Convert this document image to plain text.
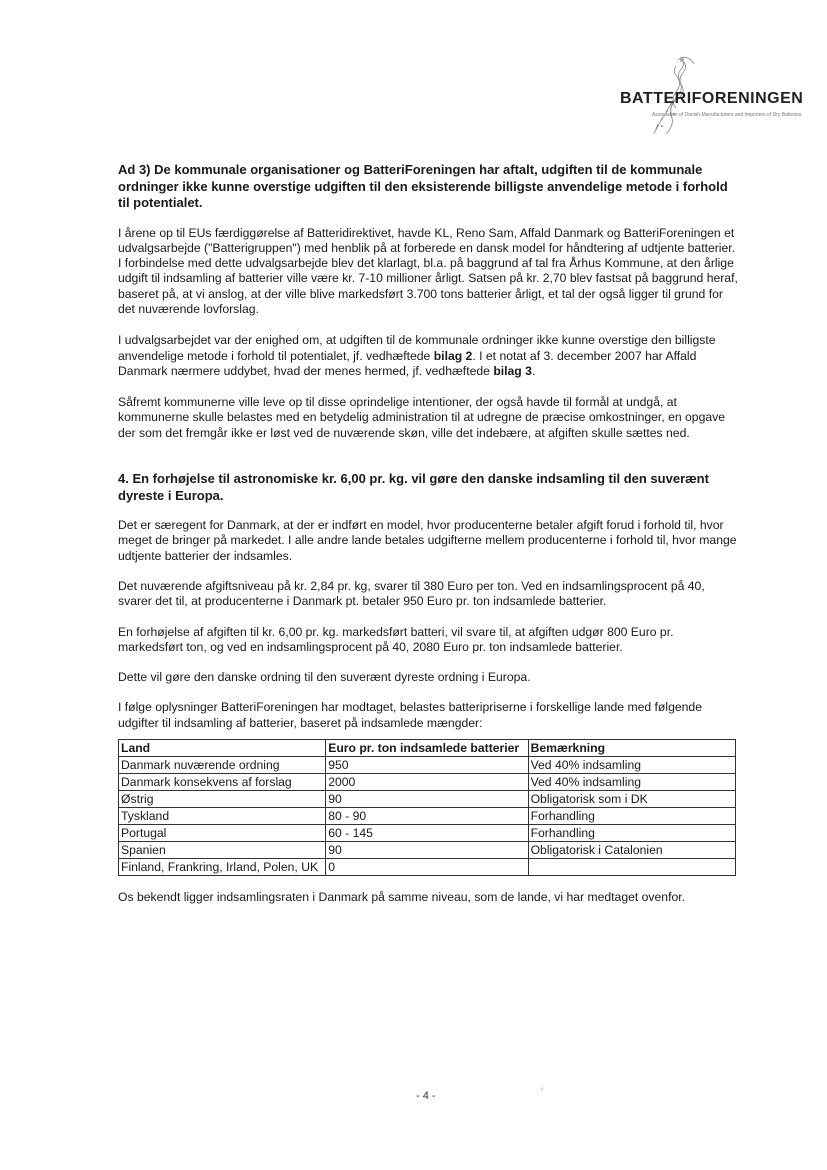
BATTERIFORENINGEN
Association of Danish Manufacturers and Importers of Dry Batteries

Ad 3) De kommunale organisationer og BatteriForeningen har aftalt, udgiften til de kommunale ordninger ikke kunne overstige udgiften til den eksisterende billigste anvendelige metode i forhold til potentialet.

I årene op til EUs færdiggørelse af Batteridirektivet, havde KL, Reno Sam, Affald Danmark og BatteriForeningen et udvalgsarbejde ("Batterigruppen") med henblik på at forberede en dansk model for håndtering af udtjente batterier. I forbindelse med dette udvalgsarbejde blev det klarlagt, bl.a. på baggrund af tal fra Århus Kommune, at den årlige udgift til indsamling af batterier ville være kr. 7-10 millioner årligt. Satsen på kr. 2,70 blev fastsat på baggrund heraf, baseret på, at vi anslog, at der ville blive markedsført 3.700 tons batterier årligt, et tal der også ligger til grund for det nuværende lovforslag.

I udvalgsarbejdet var der enighed om, at udgiften til de kommunale ordninger ikke kunne overstige den billigste anvendelige metode i forhold til potentialet, jf. vedhæftede bilag 2. I et notat af 3. december 2007 har Affald Danmark nærmere uddybet, hvad der menes hermed, jf. vedhæftede bilag 3.

Såfremt kommunerne ville leve op til disse oprindelige intentioner, der også havde til formål at undgå, at kommunerne skulle belastes med en betydelig administration til at udregne de præcise omkostninger, en opgave der som det fremgår ikke er løst ved de nuværende skøn, ville det indebære, at afgiften skulle sættes ned.

4. En forhøjelse til astronomiske kr. 6,00 pr. kg. vil gøre den danske indsamling til den suverænt dyreste i Europa.

Det er særegent for Danmark, at der er indført en model, hvor producenterne betaler afgift forud i forhold til, hvor meget de bringer på markedet. I alle andre lande betales udgifterne mellem producenterne i forhold til, hvor mange udtjente batterier der indsamles.

Det nuværende afgiftsniveau på kr. 2,84 pr. kg, svarer til 380 Euro per ton. Ved en indsamlingsprocent på 40, svarer det til, at producenterne i Danmark pt. betaler 950 Euro pr. ton indsamlede batterier.

En forhøjelse af afgiften til kr. 6,00 pr. kg. markedsført batteri, vil svare til, at afgiften udgør 800 Euro pr. markedsført ton, og ved en indsamlingsprocent på 40, 2080 Euro pr. ton indsamlede batterier.

Dette vil gøre den danske ordning til den suverænt dyreste ordning i Europa.

I følge oplysninger BatteriForeningen har modtaget, belastes batteripriserne i forskellige lande med følgende udgifter til indsamling af batterier, baseret på indsamlede mængder:

Land	Euro pr. ton indsamlede batterier	Bemærkning
Danmark nuværende ordning	950	Ved 40% indsamling
Danmark konsekvens af forslag	2000	Ved 40% indsamling
Østrig	90	Obligatorisk som i DK
Tyskland	80 - 90	Forhandling
Portugal	60 - 145	Forhandling
Spanien	90	Obligatorisk i Catalonien
Finland, Frankring, Irland, Polen, UK	0	

Os bekendt ligger indsamlingsraten i Danmark på samme niveau, som de lande, vi har medtaget ovenfor.

- 4 -
⸝
